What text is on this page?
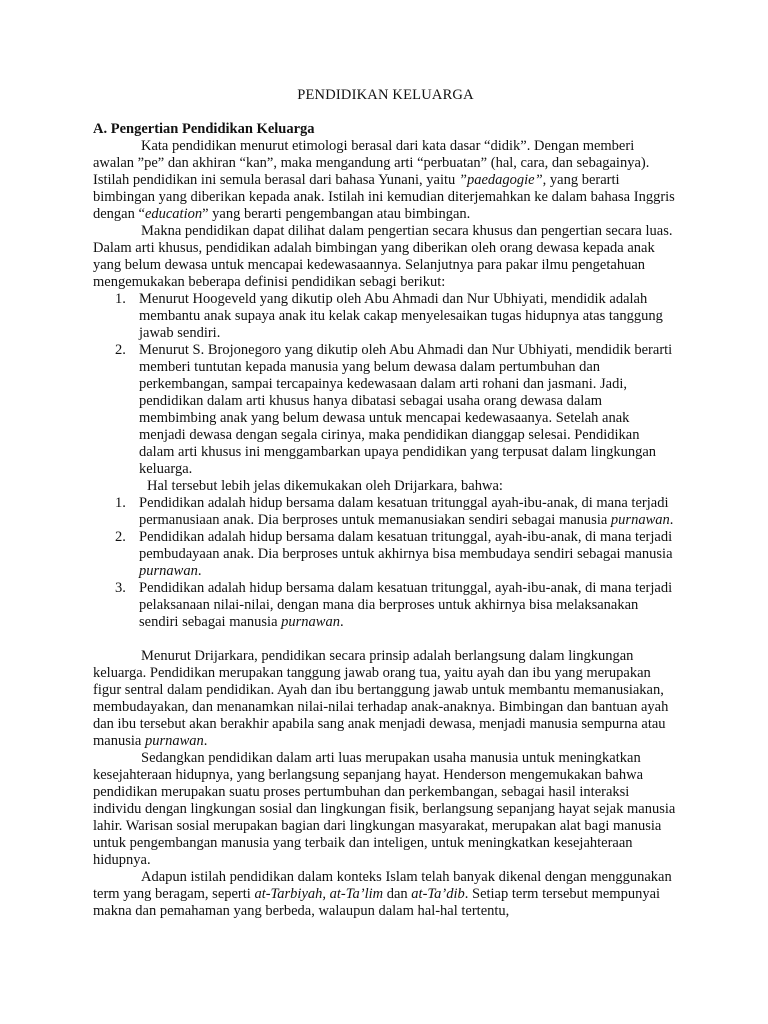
PENDIDIKAN KELUARGA

A. Pengertian Pendidikan Keluarga

Kata pendidikan menurut etimologi berasal dari kata dasar “didik”. Dengan memberi awalan ”pe” dan akhiran “kan”, maka mengandung arti “perbuatan” (hal, cara, dan sebagainya). Istilah pendidikan ini semula berasal dari bahasa Yunani, yaitu ”paedagogie”, yang berarti bimbingan yang diberikan kepada anak. Istilah ini kemudian diterjemahkan ke dalam bahasa Inggris dengan “education” yang berarti pengembangan atau bimbingan.

Makna pendidikan dapat dilihat dalam pengertian secara khusus dan pengertian secara luas. Dalam arti khusus, pendidikan adalah bimbingan yang diberikan oleh orang dewasa kepada anak yang belum dewasa untuk mencapai kedewasaannya. Selanjutnya para pakar ilmu pengetahuan mengemukakan beberapa definisi pendidikan sebagi berikut:

1. Menurut Hoogeveld yang dikutip oleh Abu Ahmadi dan Nur Ubhiyati, mendidik adalah membantu anak supaya anak itu kelak cakap menyelesaikan tugas hidupnya atas tanggung jawab sendiri.
2. Menurut S. Brojonegoro yang dikutip oleh Abu Ahmadi dan Nur Ubhiyati, mendidik berarti memberi tuntutan kepada manusia yang belum dewasa dalam pertumbuhan dan perkembangan, sampai tercapainya kedewasaan dalam arti rohani dan jasmani. Jadi, pendidikan dalam arti khusus hanya dibatasi sebagai usaha orang dewasa dalam membimbing anak yang belum dewasa untuk mencapai kedewasaanya. Setelah anak menjadi dewasa dengan segala cirinya, maka pendidikan dianggap selesai. Pendidikan dalam arti khusus ini menggambarkan upaya pendidikan yang terpusat dalam lingkungan keluarga.

Hal tersebut lebih jelas dikemukakan oleh Drijarkara, bahwa:

1. Pendidikan adalah hidup bersama dalam kesatuan tritunggal ayah-ibu-anak, di mana terjadi permanusiaan anak. Dia berproses untuk memanusiakan sendiri sebagai manusia purnawan.
2. Pendidikan adalah hidup bersama dalam kesatuan tritunggal, ayah-ibu-anak, di mana terjadi pembudayaan anak. Dia berproses untuk akhirnya bisa membudaya sendiri sebagai manusia purnawan.
3. Pendidikan adalah hidup bersama dalam kesatuan tritunggal, ayah-ibu-anak, di mana terjadi pelaksanaan nilai-nilai, dengan mana dia berproses untuk akhirnya bisa melaksanakan sendiri sebagai manusia purnawan.

Menurut Drijarkara, pendidikan secara prinsip adalah berlangsung dalam lingkungan keluarga. Pendidikan merupakan tanggung jawab orang tua, yaitu ayah dan ibu yang merupakan figur sentral dalam pendidikan. Ayah dan ibu bertanggung jawab untuk membantu memanusiakan, membudayakan, dan menanamkan nilai-nilai terhadap anak-anaknya. Bimbingan dan bantuan ayah dan ibu tersebut akan berakhir apabila sang anak menjadi dewasa, menjadi manusia sempurna atau manusia purnawan.

Sedangkan pendidikan dalam arti luas merupakan usaha manusia untuk meningkatkan kesejahteraan hidupnya, yang berlangsung sepanjang hayat. Henderson mengemukakan bahwa pendidikan merupakan suatu proses pertumbuhan dan perkembangan, sebagai hasil interaksi individu dengan lingkungan sosial dan lingkungan fisik, berlangsung sepanjang hayat sejak manusia lahir. Warisan sosial merupakan bagian dari lingkungan masyarakat, merupakan alat bagi manusia untuk pengembangan manusia yang terbaik dan inteligen, untuk meningkatkan kesejahteraan hidupnya.

Adapun istilah pendidikan dalam konteks Islam telah banyak dikenal dengan menggunakan term yang beragam, seperti at-Tarbiyah, at-Ta’lim dan at-Ta’dib. Setiap term tersebut mempunyai makna dan pemahaman yang berbeda, walaupun dalam hal-hal tertentu,
